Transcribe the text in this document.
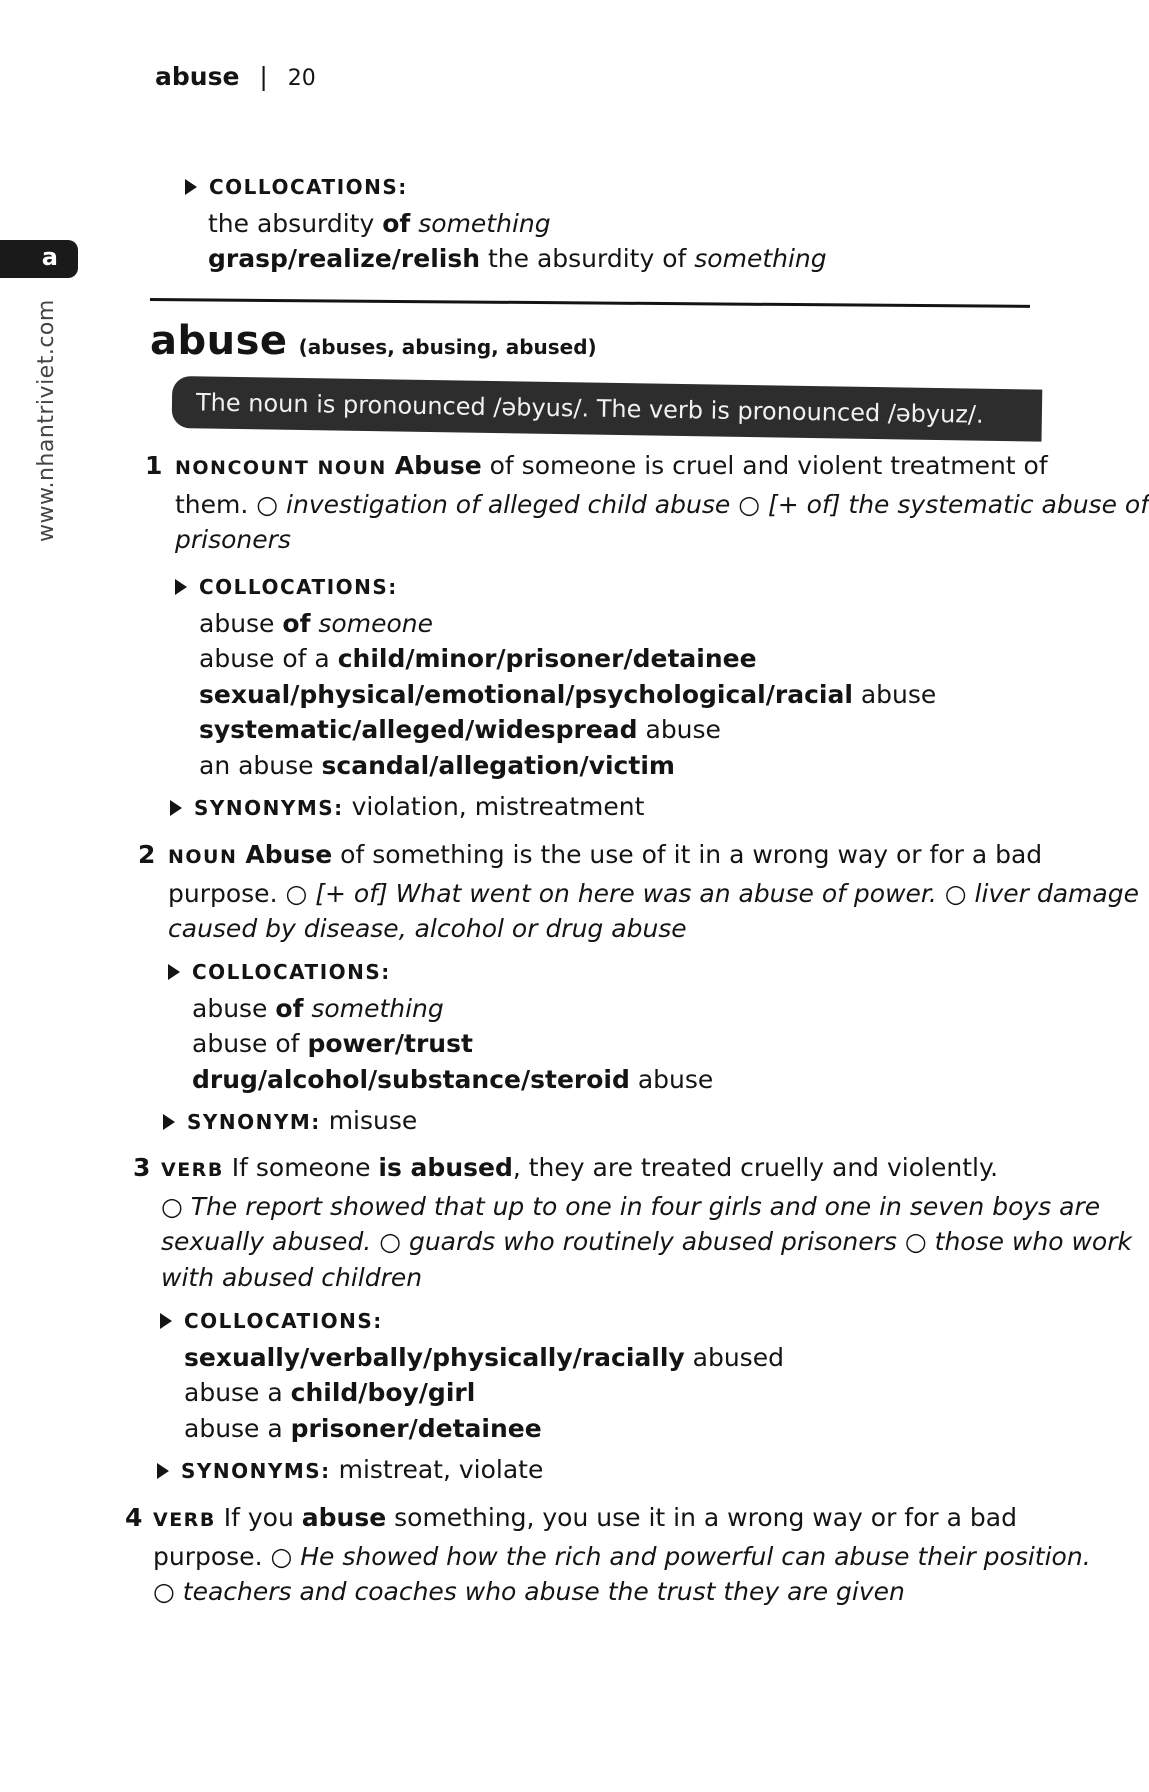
abuse | 20
a
www.nhantriviet.com
COLLOCATIONS:
the absurdity of something
grasp/realize/relish the absurdity of something
abuse (abuses, abusing, abused)
The noun is pronounced /əbyus/. The verb is pronounced /əbyuz/.
1 NONCOUNT NOUN Abuse of someone is cruel and violent treatment of
them. ○ investigation of alleged child abuse ○ [+ of] the systematic abuse of
prisoners
COLLOCATIONS:
abuse of someone
abuse of a child/minor/prisoner/detainee
sexual/physical/emotional/psychological/racial abuse
systematic/alleged/widespread abuse
an abuse scandal/allegation/victim
SYNONYMS: violation, mistreatment
2 NOUN Abuse of something is the use of it in a wrong way or for a bad
purpose. ○ [+ of] What went on here was an abuse of power. ○ liver damage
caused by disease, alcohol or drug abuse
COLLOCATIONS:
abuse of something
abuse of power/trust
drug/alcohol/substance/steroid abuse
SYNONYM: misuse
3 VERB If someone is abused, they are treated cruelly and violently.
○ The report showed that up to one in four girls and one in seven boys are
sexually abused. ○ guards who routinely abused prisoners ○ those who work
with abused children
COLLOCATIONS:
sexually/verbally/physically/racially abused
abuse a child/boy/girl
abuse a prisoner/detainee
SYNONYMS: mistreat, violate
4 VERB If you abuse something, you use it in a wrong way or for a bad
purpose. ○ He showed how the rich and powerful can abuse their position.
○ teachers and coaches who abuse the trust they are given
